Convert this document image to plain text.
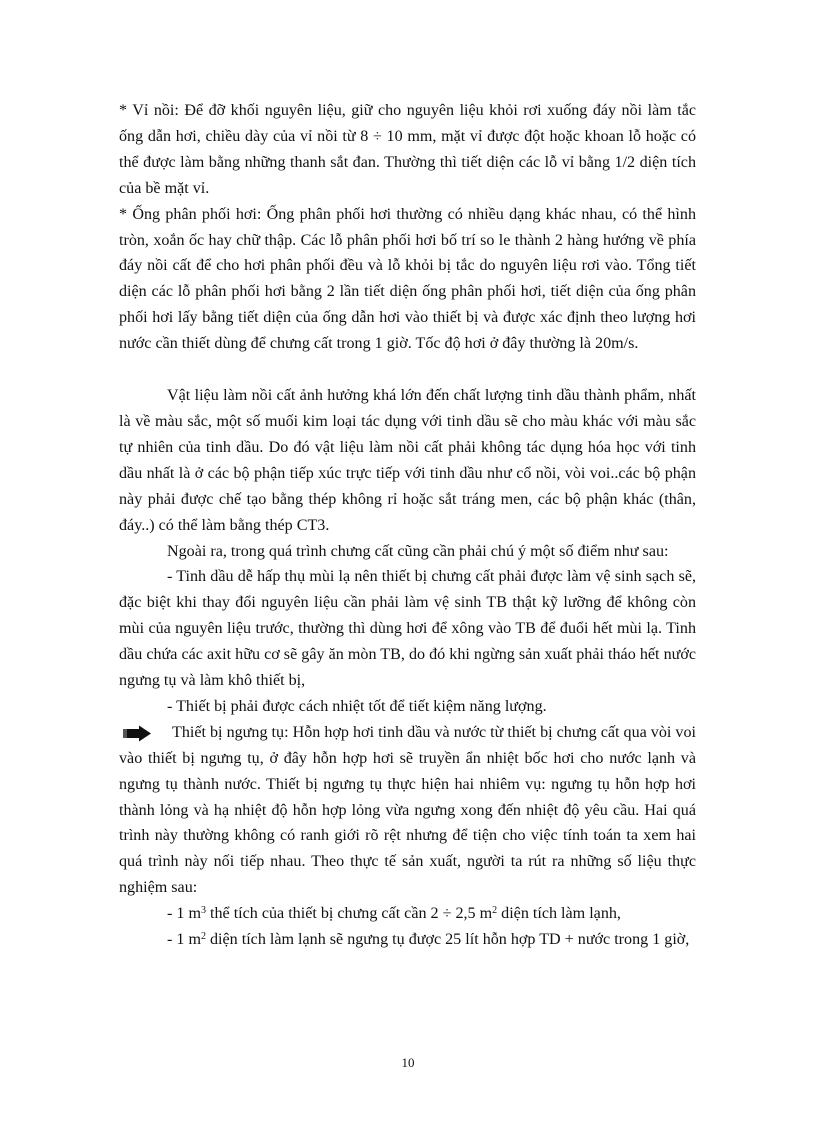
* Vỉ nồi: Để đỡ khối nguyên liệu, giữ cho nguyên liệu khỏi rơi xuống đáy nồi làm tắc ống dẫn hơi, chiều dày của vỉ nồi từ 8 ÷ 10 mm, mặt vỉ được đột hoặc khoan lỗ hoặc có thể được làm bằng những thanh sắt đan. Thường thì tiết diện các lỗ vỉ bằng 1/2 diện tích của bề mặt vỉ.

* Ống phân phối hơi: Ống phân phối hơi thường có nhiều dạng khác nhau, có thể hình tròn, xoắn ốc hay chữ thập. Các lỗ phân phối hơi bố trí so le thành 2 hàng hướng về phía đáy nồi cất để cho hơi phân phối đều và lỗ khỏi bị tắc do nguyên liệu rơi vào. Tổng tiết diện các lỗ phân phối hơi bằng 2 lần tiết diện ống phân phối hơi, tiết diện của ống phân phối hơi lấy bằng tiết diện của ống dẫn hơi vào thiết bị và được xác định theo lượng hơi nước cần thiết dùng để chưng cất trong 1 giờ. Tốc độ hơi ở đây thường là 20m/s.

Vật liệu làm nồi cất ảnh hưởng khá lớn đến chất lượng tinh dầu thành phẩm, nhất là về màu sắc, một số muối kim loại tác dụng với tinh dầu sẽ cho màu khác với màu sắc tự nhiên của tinh dầu. Do đó vật liệu làm nồi cất phải không tác dụng hóa học với tinh dầu nhất là ở các bộ phận tiếp xúc trực tiếp với tinh dầu như cổ nồi, vòi voi..các bộ phận này phải được chế tạo bằng thép không rỉ hoặc sắt tráng men, các bộ phận khác (thân, đáy..) có thể làm bằng thép CT3.

Ngoài ra, trong quá trình chưng cất cũng cần phải chú ý một số điểm như sau:

- Tinh dầu dễ hấp thụ mùi lạ nên thiết bị chưng cất phải được làm vệ sinh sạch sẽ, đặc biệt khi thay đổi nguyên liệu cần phải làm vệ sinh TB thật kỹ lưỡng để không còn mùi của nguyên liệu trước, thường thì dùng hơi để xông vào TB để đuổi hết mùi lạ. Tinh dầu chứa các axit hữu cơ sẽ gây ăn mòn TB, do đó khi ngừng sản xuất phải tháo hết nước ngưng tụ và làm khô thiết bị,

- Thiết bị phải được cách nhiệt tốt để tiết kiệm năng lượng.

Thiết bị ngưng tụ: Hỗn hợp hơi tinh dầu và nước từ thiết bị chưng cất qua vòi voi vào thiết bị ngưng tụ, ở đây hỗn hợp hơi sẽ truyền ẩn nhiệt bốc hơi cho nước lạnh và ngưng tụ thành nước. Thiết bị ngưng tụ thực hiện hai nhiêm vụ: ngưng tụ hỗn hợp hơi thành lỏng và hạ nhiệt độ hỗn hợp lỏng vừa ngưng xong đến nhiệt độ yêu cầu. Hai quá trình này thường không có ranh giới rõ rệt nhưng để tiện cho việc tính toán ta xem hai quá trình này nối tiếp nhau. Theo thực tế sản xuất, người ta rút ra những số liệu thực nghiệm sau:

- 1 $m^3$ thể tích của thiết bị chưng cất cần 2 ÷ 2,5 $m^2$ diện tích làm lạnh,

- 1 $m^2$ diện tích làm lạnh sẽ ngưng tụ được 25 lít hỗn hợp TD + nước trong 1 giờ,

10
